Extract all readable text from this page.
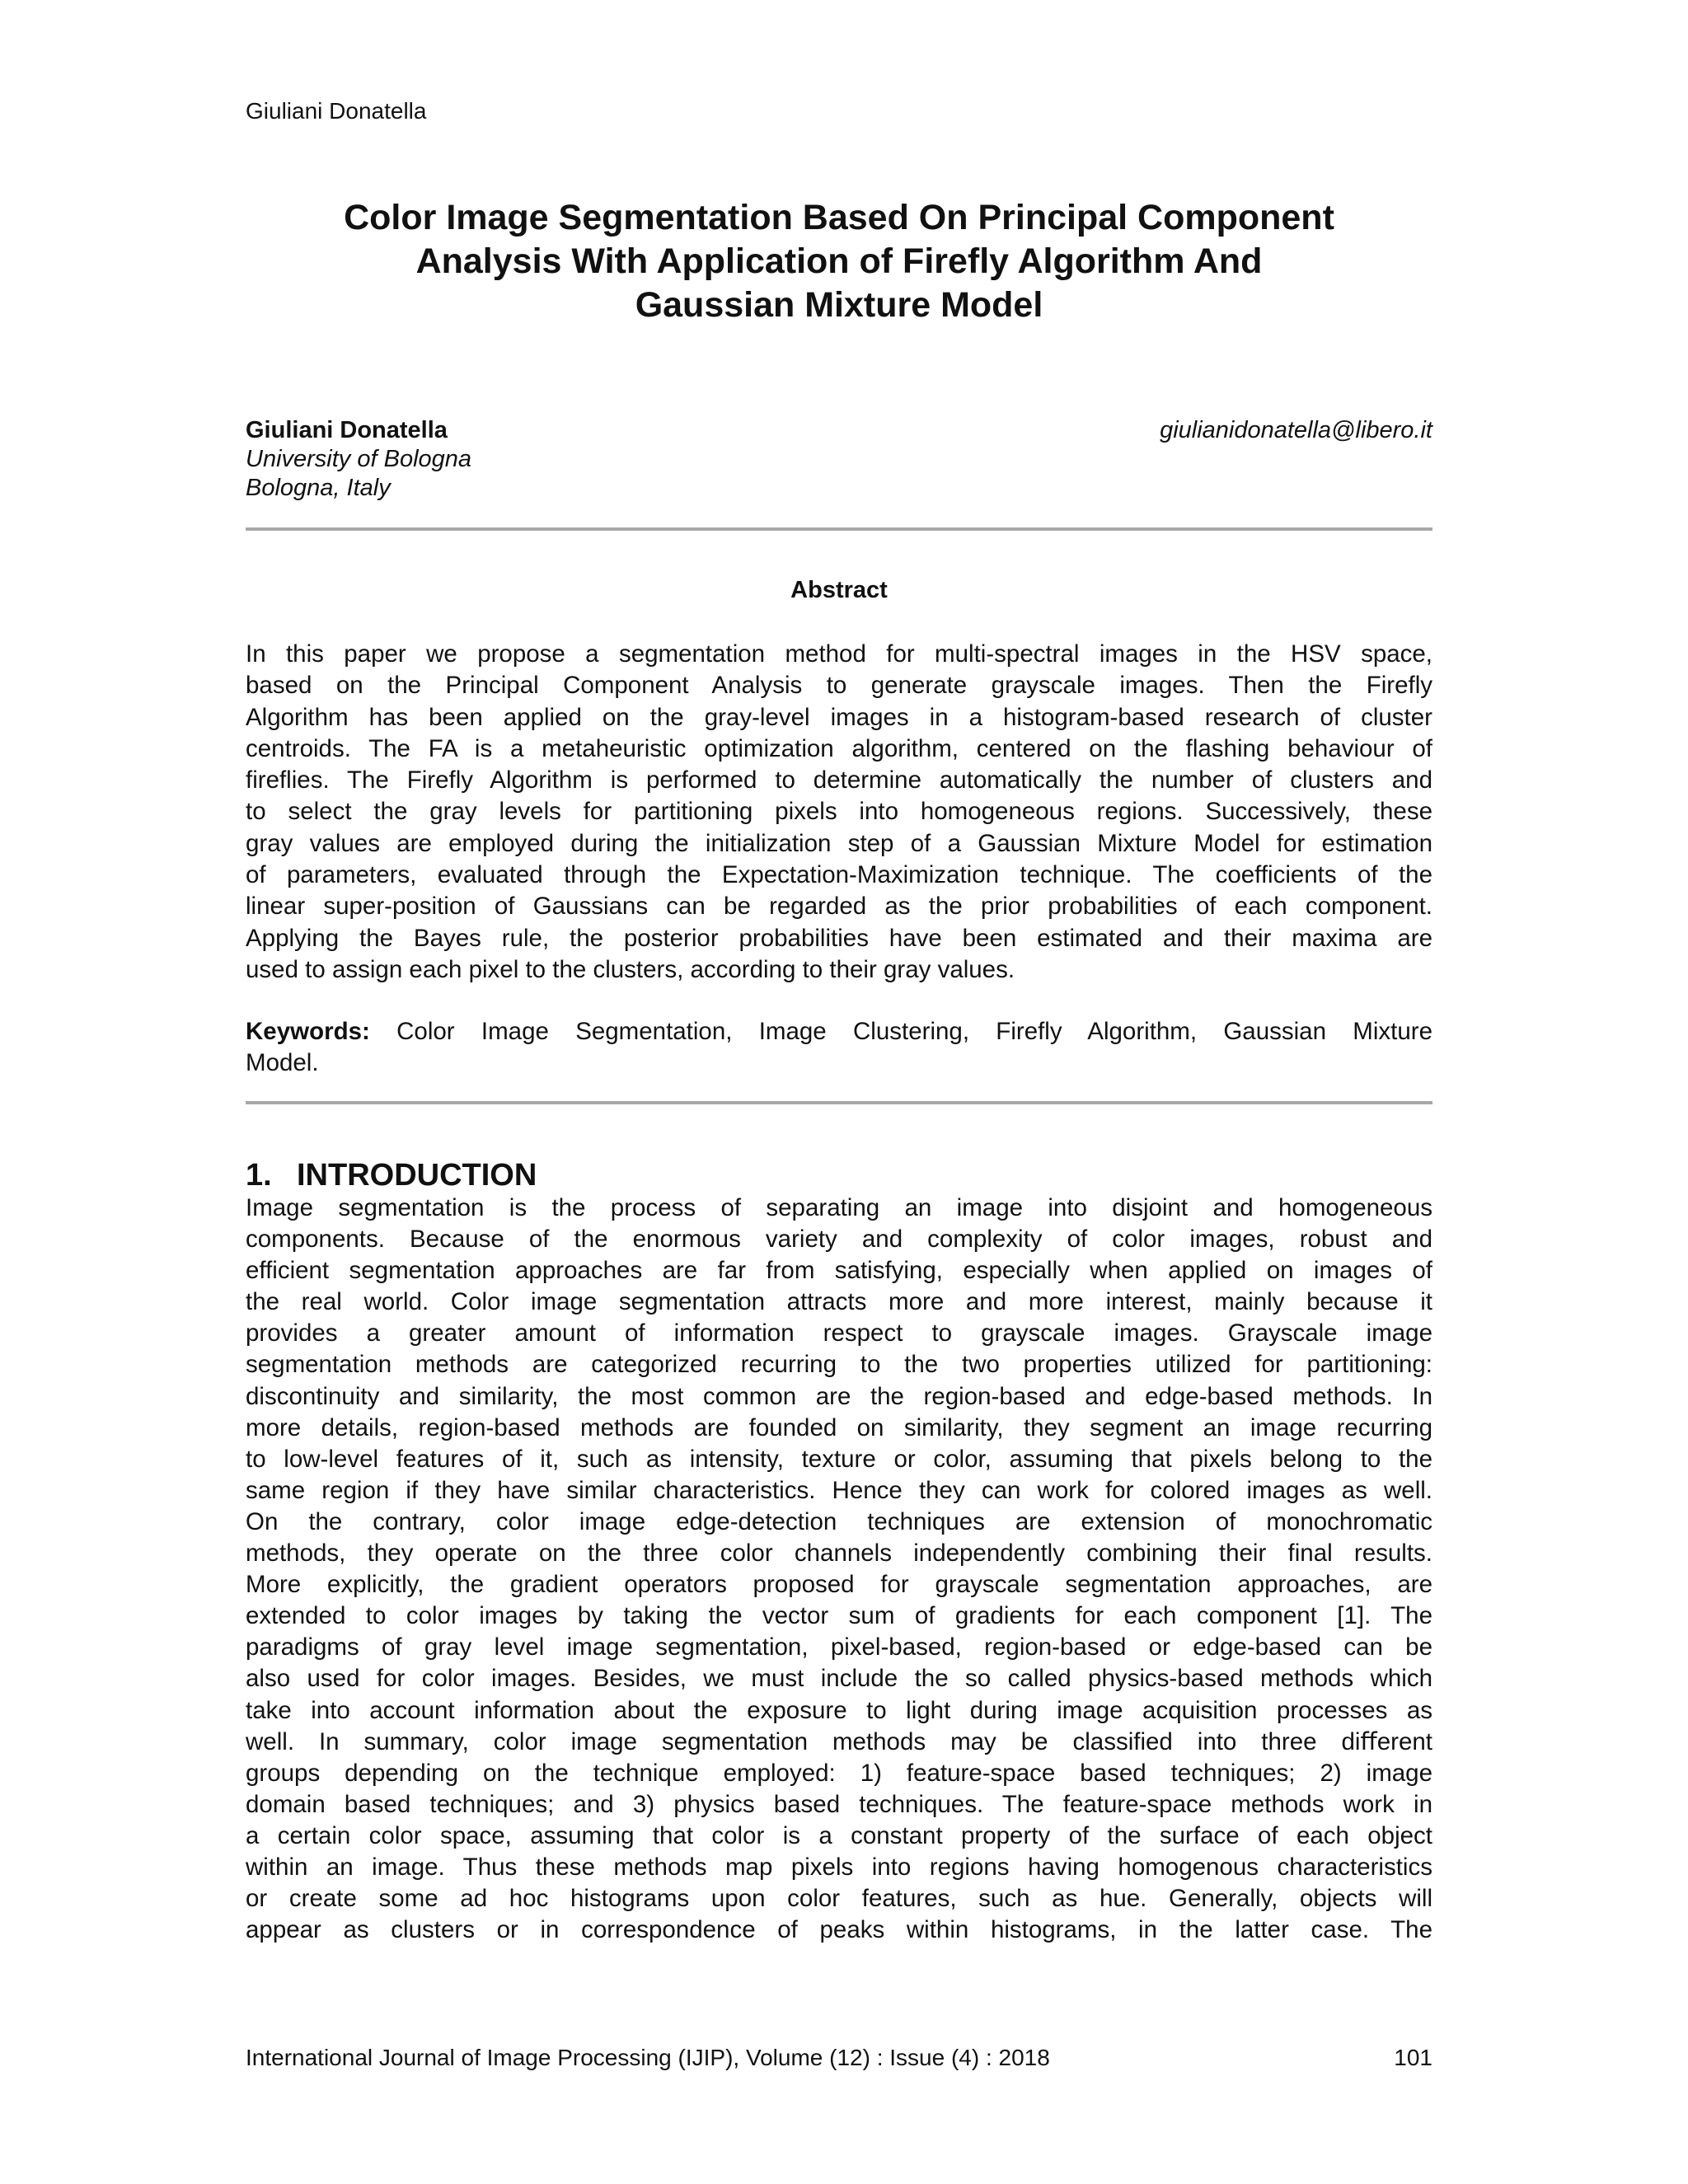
Giuliani Donatella
Color Image Segmentation Based On Principal Component
Analysis With Application of Firefly Algorithm And
Gaussian Mixture Model
Giuliani Donatella
University of Bologna
Bologna, Italy
giulianidonatella@libero.it
Abstract
In this paper we propose a segmentation method for multi-spectral images in the HSV space,
based on the Principal Component Analysis to generate grayscale images. Then the Firefly
Algorithm has been applied on the gray-level images in a histogram-based research of cluster
centroids. The FA is a metaheuristic optimization algorithm, centered on the flashing behaviour of
fireflies. The Firefly Algorithm is performed to determine automatically the number of clusters and
to select the gray levels for partitioning pixels into homogeneous regions. Successively, these
gray values are employed during the initialization step of a Gaussian Mixture Model for estimation
of parameters, evaluated through the Expectation-Maximization technique. The coefficients of the
linear super-position of Gaussians can be regarded as the prior probabilities of each component.
Applying the Bayes rule, the posterior probabilities have been estimated and their maxima are
used to assign each pixel to the clusters, according to their gray values.
Keywords: Color Image Segmentation, Image Clustering, Firefly Algorithm, Gaussian Mixture
Model.
1. INTRODUCTION
Image segmentation is the process of separating an image into disjoint and homogeneous
components. Because of the enormous variety and complexity of color images, robust and
efficient segmentation approaches are far from satisfying, especially when applied on images of
the real world. Color image segmentation attracts more and more interest, mainly because it
provides a greater amount of information respect to grayscale images. Grayscale image
segmentation methods are categorized recurring to the two properties utilized for partitioning:
discontinuity and similarity, the most common are the region-based and edge-based methods. In
more details, region-based methods are founded on similarity, they segment an image recurring
to low-level features of it, such as intensity, texture or color, assuming that pixels belong to the
same region if they have similar characteristics. Hence they can work for colored images as well.
On the contrary, color image edge-detection techniques are extension of monochromatic
methods, they operate on the three color channels independently combining their final results.
More explicitly, the gradient operators proposed for grayscale segmentation approaches, are
extended to color images by taking the vector sum of gradients for each component [1]. The
paradigms of gray level image segmentation, pixel-based, region-based or edge-based can be
also used for color images. Besides, we must include the so called physics-based methods which
take into account information about the exposure to light during image acquisition processes as
well. In summary, color image segmentation methods may be classified into three diﬀerent
groups depending on the technique employed: 1) feature-space based techniques; 2) image
domain based techniques; and 3) physics based techniques. The feature-space methods work in
a certain color space, assuming that color is a constant property of the surface of each object
within an image. Thus these methods map pixels into regions having homogenous characteristics
or create some ad hoc histograms upon color features, such as hue. Generally, objects will
appear as clusters or in correspondence of peaks within histograms, in the latter case. The
International Journal of Image Processing (IJIP), Volume (12) : Issue (4) : 2018	101
